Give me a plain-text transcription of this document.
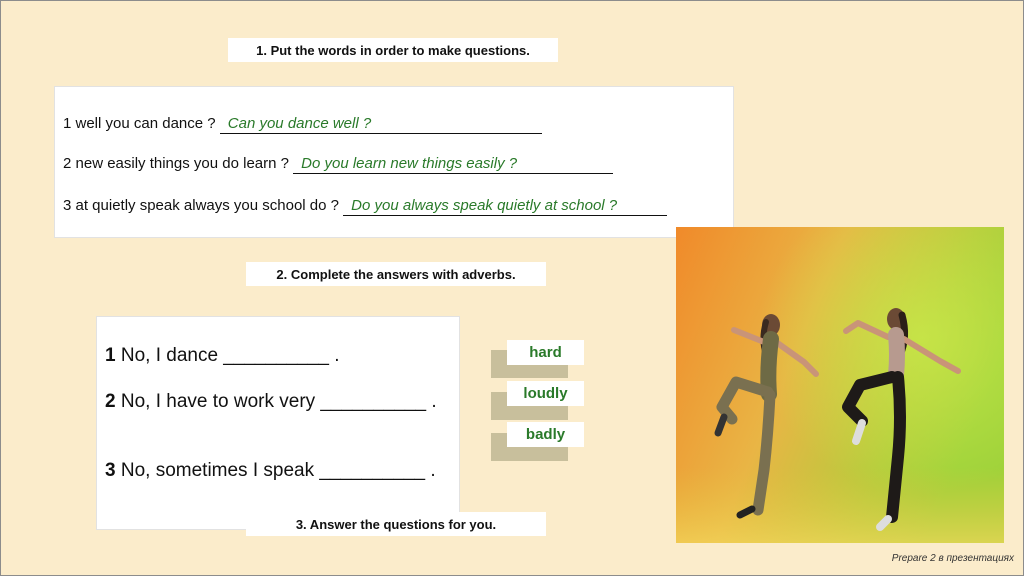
1. Put the words in order to make questions.
1 well you can dance ? Can you dance well ?
2 new easily things you do learn ? Do you learn new things easily ?
3 at quietly speak always you school do ? Do you always speak quietly at school ?
2. Complete the answers with adverbs.
1 No, I dance __________ .
2 No, I have to work very __________ .
3 No, sometimes I speak __________ .
hard
loudly
badly
3. Answer the questions for you.
Prepare 2 в презентациях
